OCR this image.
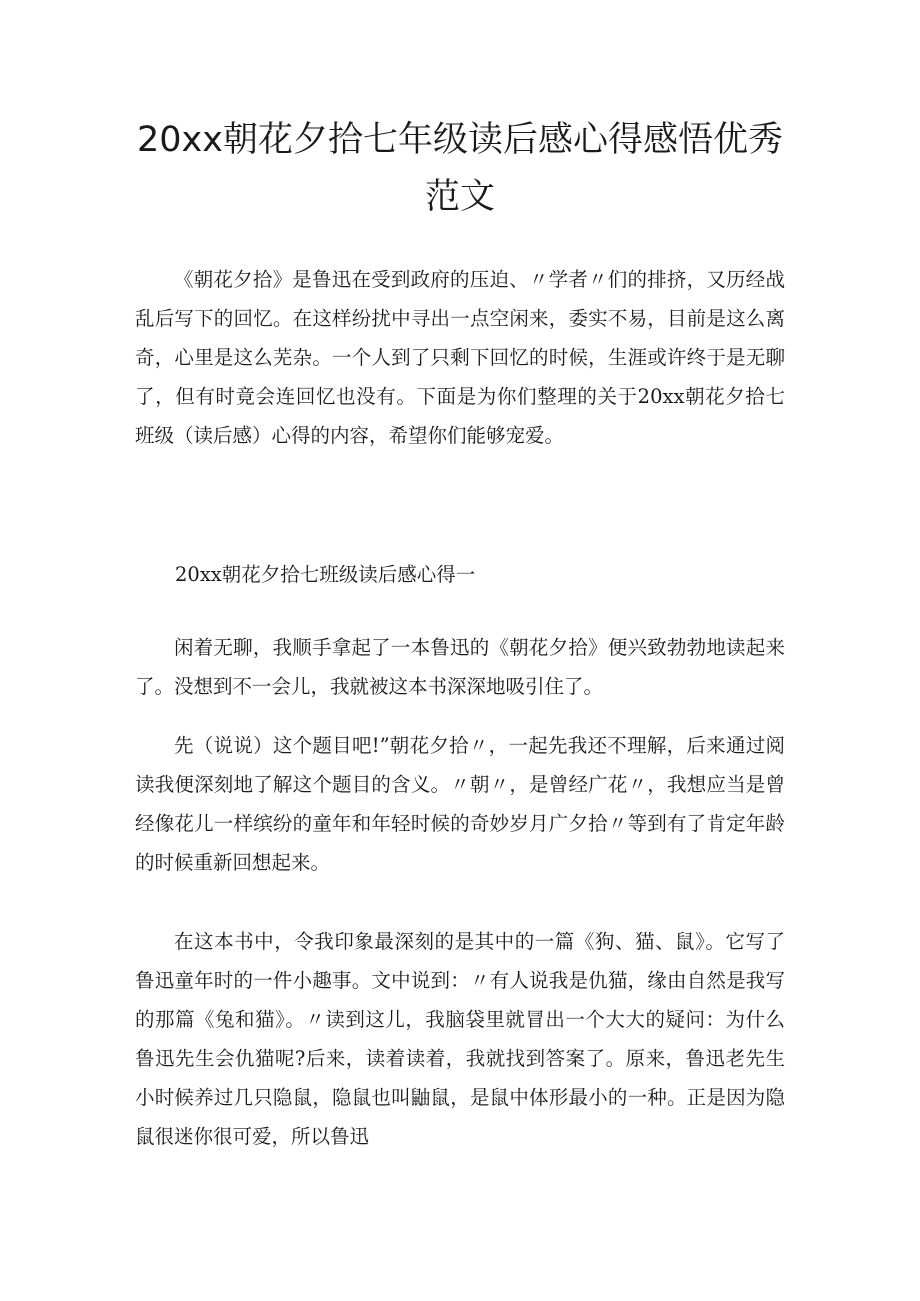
20xx朝花夕拾七年级读后感心得感悟优秀
范文

《朝花夕拾》是鲁迅在受到政府的压迫、〃学者〃们的排挤，又历经战乱后写下的回忆。在这样纷扰中寻出一点空闲来，委实不易，目前是这么离奇，心里是这么芜杂。一个人到了只剩下回忆的时候，生涯或许终于是无聊了，但有时竟会连回忆也没有。下面是为你们整理的关于20xx朝花夕拾七班级（读后感）心得的内容，希望你们能够宠爱。

20xx朝花夕拾七班级读后感心得一

闲着无聊，我顺手拿起了一本鲁迅的《朝花夕拾》便兴致勃勃地读起来了。没想到不一会儿，我就被这本书深深地吸引住了。

先（说说）这个题目吧!”朝花夕拾〃，一起先我还不理解，后来通过阅读我便深刻地了解这个题目的含义。〃朝〃，是曾经广花〃，我想应当是曾经像花儿一样缤纷的童年和年轻时候的奇妙岁月广夕拾〃等到有了肯定年龄的时候重新回想起来。

在这本书中，令我印象最深刻的是其中的一篇《狗、猫、鼠》。它写了鲁迅童年时的一件小趣事。文中说到：〃有人说我是仇猫，缘由自然是我写的那篇《兔和猫》。〃读到这儿，我脑袋里就冒出一个大大的疑问：为什么鲁迅先生会仇猫呢?后来，读着读着，我就找到答案了。原来，鲁迅老先生小时候养过几只隐鼠，隐鼠也叫鼬鼠，是鼠中体形最小的一种。正是因为隐鼠很迷你很可爱，所以鲁迅
